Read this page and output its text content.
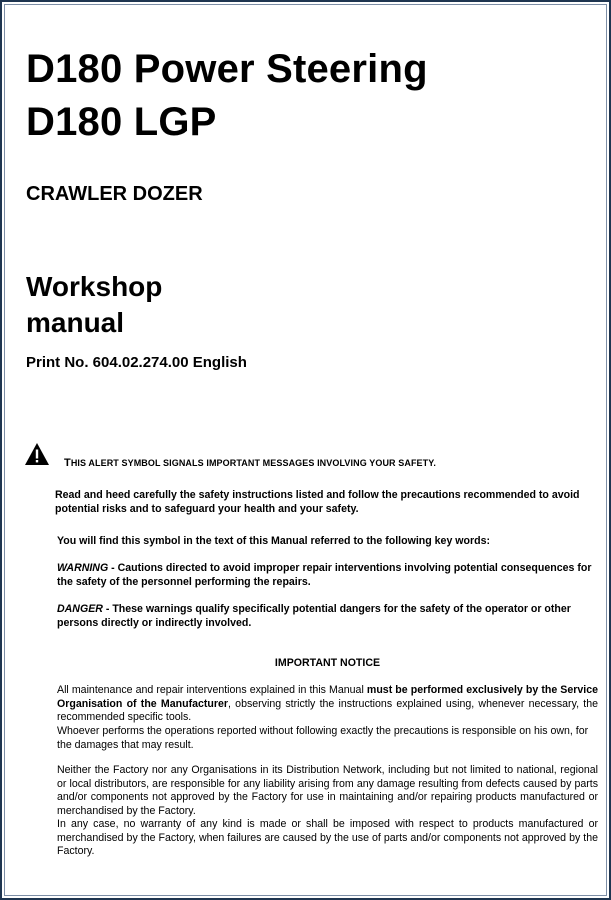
D180 Power Steering
D180 LGP
CRAWLER DOZER
Workshop
manual
Print No. 604.02.274.00 English
THIS ALERT SYMBOL SIGNALS IMPORTANT MESSAGES INVOLVING YOUR SAFETY.
Read and heed carefully the safety instructions listed and follow the precautions recommended to avoid potential risks and to safeguard your health and your safety.
You will find this symbol in the text of this Manual referred to the following key words:
WARNING - Cautions directed to avoid improper repair interventions involving potential consequences for the safety of the personnel performing the repairs.
DANGER - These warnings qualify specifically potential dangers for the safety of the operator or other persons directly or indirectly involved.
IMPORTANT NOTICE
All maintenance and repair interventions explained in this Manual must be performed exclusively by the Service Organisation of the Manufacturer, observing strictly the instructions explained using, whenever necessary, the recommended specific tools.
Whoever performs the operations reported without following exactly the precautions is responsible on his own, for the damages that may result.
Neither the Factory nor any Organisations in its Distribution Network, including but not limited to national, regional or local distributors, are responsible for any liability arising from any damage resulting from defects caused by parts and/or components not approved by the Factory for use in maintaining and/or repairing products manufactured or merchandised by the Factory.
In any case, no warranty of any kind is made or shall be imposed with respect to products manufactured or merchandised by the Factory, when failures are caused by the use of parts and/or components not approved by the Factory.
